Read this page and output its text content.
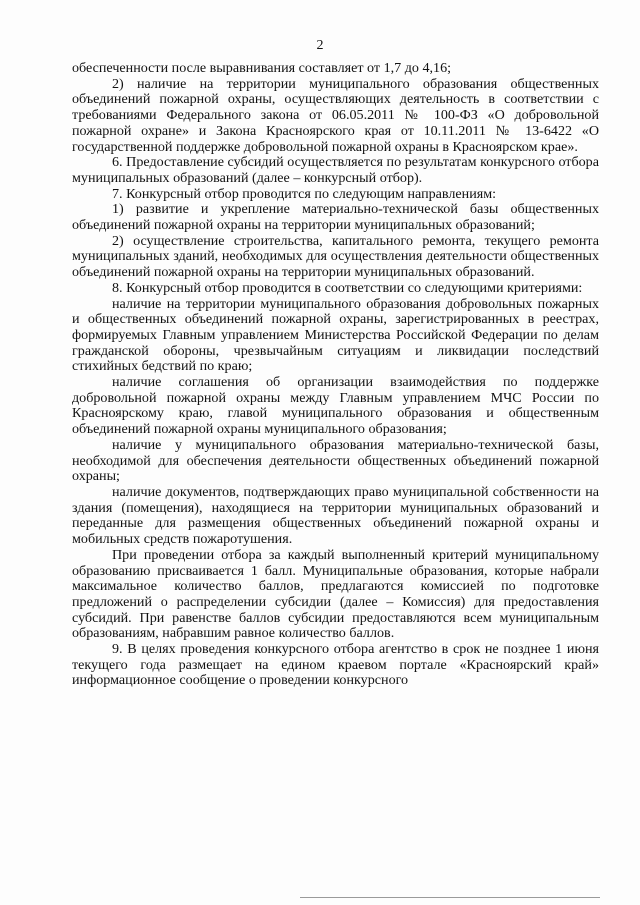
2

обеспеченности после выравнивания составляет от 1,7 до 4,16;

2) наличие на территории муниципального образования общественных объединений пожарной охраны, осуществляющих деятельность в соответствии с требованиями Федерального закона от 06.05.2011 № 100-ФЗ «О добровольной пожарной охране» и Закона Красноярского края от 10.11.2011 № 13-6422 «О государственной поддержке добровольной пожарной охраны в Красноярском крае».

6. Предоставление субсидий осуществляется по результатам конкурсного отбора муниципальных образований (далее – конкурсный отбор).

7. Конкурсный отбор проводится по следующим направлениям:

1) развитие и укрепление материально-технической базы общественных объединений пожарной охраны на территории муниципальных образований;

2) осуществление строительства, капитального ремонта, текущего ремонта муниципальных зданий, необходимых для осуществления деятельности общественных объединений пожарной охраны на территории муниципальных образований.

8. Конкурсный отбор проводится в соответствии со следующими критериями:

наличие на территории муниципального образования добровольных пожарных и общественных объединений пожарной охраны, зарегистрированных в реестрах, формируемых Главным управлением Министерства Российской Федерации по делам гражданской обороны, чрезвычайным ситуациям и ликвидации последствий стихийных бедствий по краю;

наличие соглашения об организации взаимодействия по поддержке добровольной пожарной охраны между Главным управлением МЧС России по Красноярскому краю, главой муниципального образования и общественным объединений пожарной охраны муниципального образования;

наличие у муниципального образования материально-технической базы, необходимой для обеспечения деятельности общественных объединений пожарной охраны;

наличие документов, подтверждающих право муниципальной собственности на здания (помещения), находящиеся на территории муниципальных образований и переданные для размещения общественных объединений пожарной охраны и мобильных средств пожаротушения.

При проведении отбора за каждый выполненный критерий муниципальному образованию присваивается 1 балл. Муниципальные образования, которые набрали максимальное количество баллов, предлагаются комиссией по подготовке предложений о распределении субсидии (далее – Комиссия) для предоставления субсидий. При равенстве баллов субсидии предоставляются всем муниципальным образованиям, набравшим равное количество баллов.

9. В целях проведения конкурсного отбора агентство в срок не позднее 1 июня текущего года размещает на едином краевом портале «Красноярский край» информационное сообщение о проведении конкурсного
